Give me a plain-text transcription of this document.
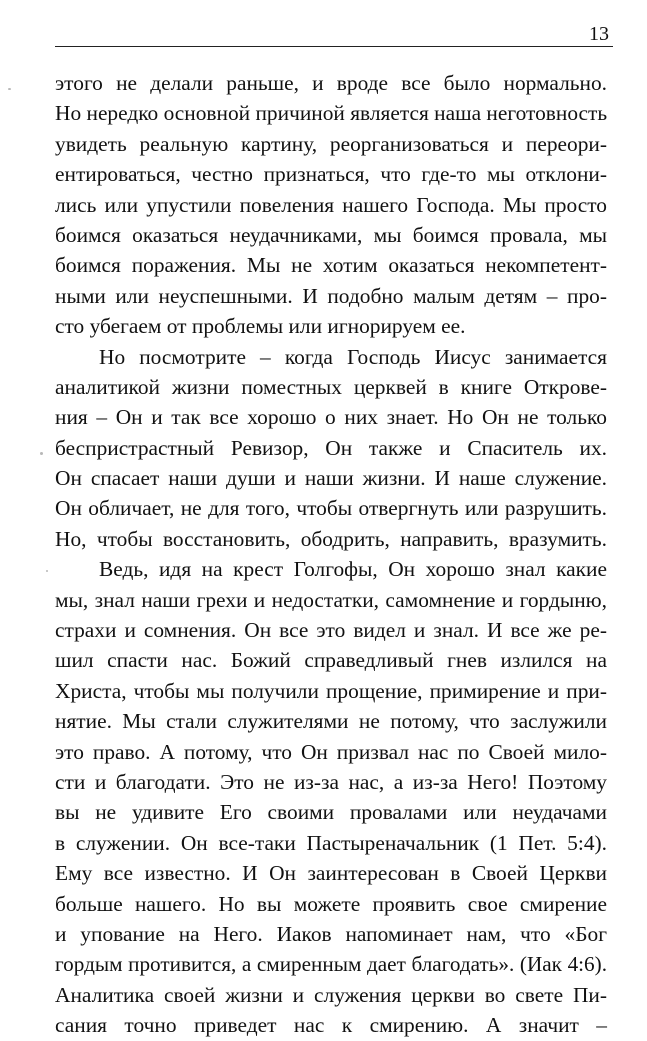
13
этого не делали раньше, и вроде все было нормально.
Но нередко основной причиной является наша неготовность
увидеть реальную картину, реорганизоваться и переори-
ентироваться, честно признаться, что где-то мы отклони-
лись или упустили повеления нашего Господа. Мы просто
боимся оказаться неудачниками, мы боимся провала, мы
боимся поражения. Мы не хотим оказаться некомпетент-
ными или неуспешными. И подобно малым детям – про-
сто убегаем от проблемы или игнорируем ее.
Но посмотрите – когда Господь Иисус занимается
аналитикой жизни поместных церквей в книге Открове-
ния – Он и так все хорошо о них знает. Но Он не только
беспристрастный Ревизор, Он также и Спаситель их.
Он спасает наши души и наши жизни. И наше служение.
Он обличает, не для того, чтобы отвергнуть или разрушить.
Но, чтобы восстановить, ободрить, направить, вразумить.
Ведь, идя на крест Голгофы, Он хорошо знал какие
мы, знал наши грехи и недостатки, самомнение и гордыню,
страхи и сомнения. Он все это видел и знал. И все же ре-
шил спасти нас. Божий справедливый гнев излился на
Христа, чтобы мы получили прощение, примирение и при-
нятие. Мы стали служителями не потому, что заслужили
это право. А потому, что Он призвал нас по Своей мило-
сти и благодати. Это не из-за нас, а из-за Него! Поэтому
вы не удивите Его своими провалами или неудачами
в служении. Он все-таки Пастыреначальник (1 Пет. 5:4).
Ему все известно. И Он заинтересован в Своей Церкви
больше нашего. Но вы можете проявить свое смирение
и упование на Него. Иаков напоминает нам, что «Бог
гордым противится, а смиренным дает благодать». (Иак 4:6).
Аналитика своей жизни и служения церкви во свете Пи-
сания точно приведет нас к смирению. А значит –
